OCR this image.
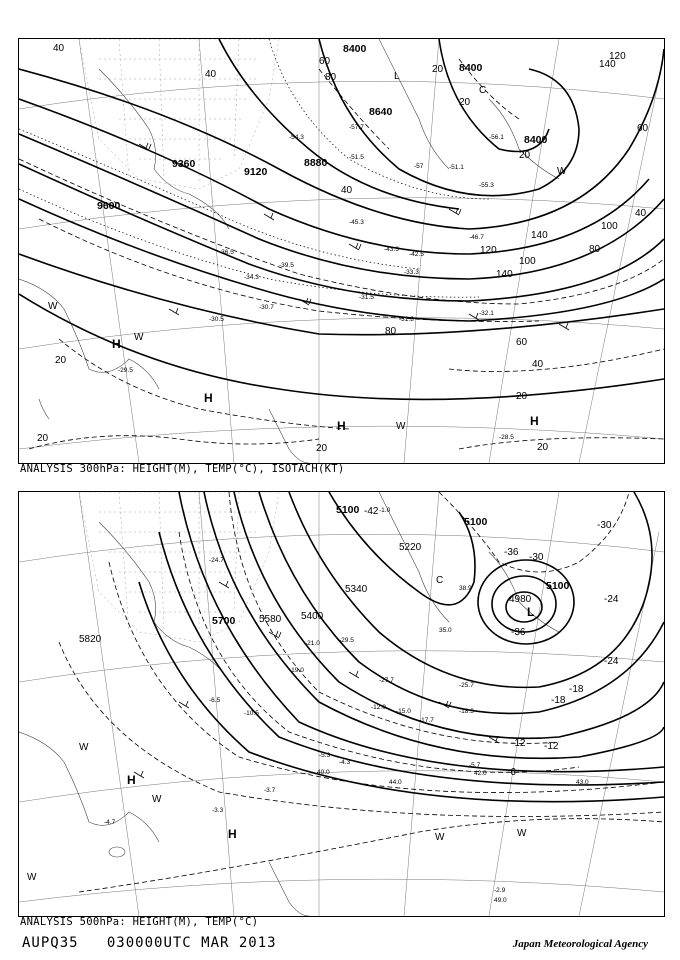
8400
8640
8880
9120
9360
9600
8400
8400
40
40
40
60
80
80
100
120
120
140
140
20
20
20
20	40
60
80
100
140
60
20
20
20
20
40
-57.7
-54.3
-51.5
-45.3
-43.3
-42.5
-39.5
-36.5
-34.3
-33.3
-32.1
-31.5
-31.3
-30.5
-30.7
-29.5
-28.5
-46.7
-56.1
-51.1
-55.3
-57
H
H
H	H
W
W
W
C
L
W
ANALYSIS 300hPa: HEIGHT(M), TEMP(°C), ISOTACH(KT)
5100
5100
5220
5340
5400
5580
5700
5820
4980
5100
-42
-36
-36
-30
-30
-24
-24
-18
-18
-12
-12
-6
-29.5
-27.7
-25.7
-24.7
-21.0
-19.0
-18.3
-17.7
-15.0
-12.0
-10.5
-6.5
-5.7
-5.3
-4.7
-4.3
-3.7
-3.3
-2.9
-1.0
35.0
38.9
40.0	42.0
43.0
44.0
49.0
H
H
W
W
W	W
W
C
L
ANALYSIS 500hPa: HEIGHT(M), TEMP(°C)
AUPQ35 030000UTC MAR 2013	Japan Meteorological Agency
